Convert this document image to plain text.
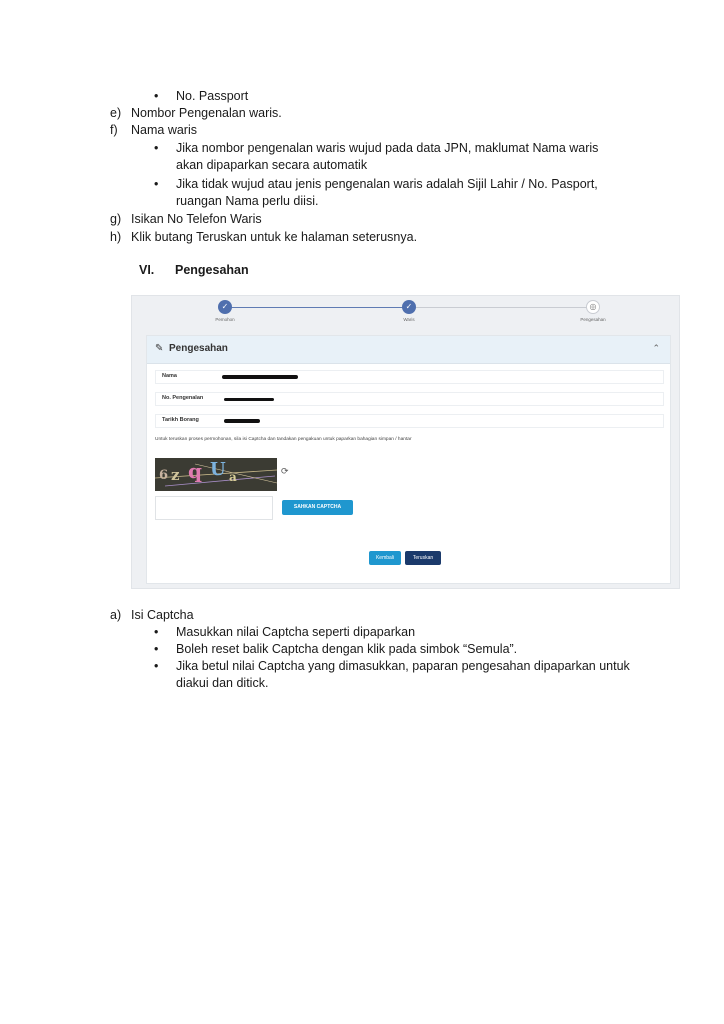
• No. Passport
e) Nombor Pengenalan waris.
f) Nama waris
• Jika nombor pengenalan waris wujud pada data JPN, maklumat Nama waris
akan dipaparkan secara automatik
• Jika tidak wujud atau jenis pengenalan waris adalah Sijil Lahir / No. Pasport,
ruangan Nama perlu diisi.
g) Isikan No Telefon Waris
h) Klik butang Teruskan untuk ke halaman seterusnya.
VI. Pengesahan
✓
Pemohon
✓
Waris
◎
Pengesahan
✎ Pengesahan	⌃
Nama
No. Pengenalan
Tarikh Borang
Untuk teruskan proses permohonan, sila isi Captcha dan tandakan pengakuan untuk paparkan bahagian simpan / hantar
6 z q U a	⟳
SAHKAN CAPTCHA
Kembali	Teruskan
a) Isi Captcha
• Masukkan nilai Captcha seperti dipaparkan
• Boleh reset balik Captcha dengan klik pada simbok “Semula”.
• Jika betul nilai Captcha yang dimasukkan, paparan pengesahan dipaparkan untuk
diakui dan ditick.
